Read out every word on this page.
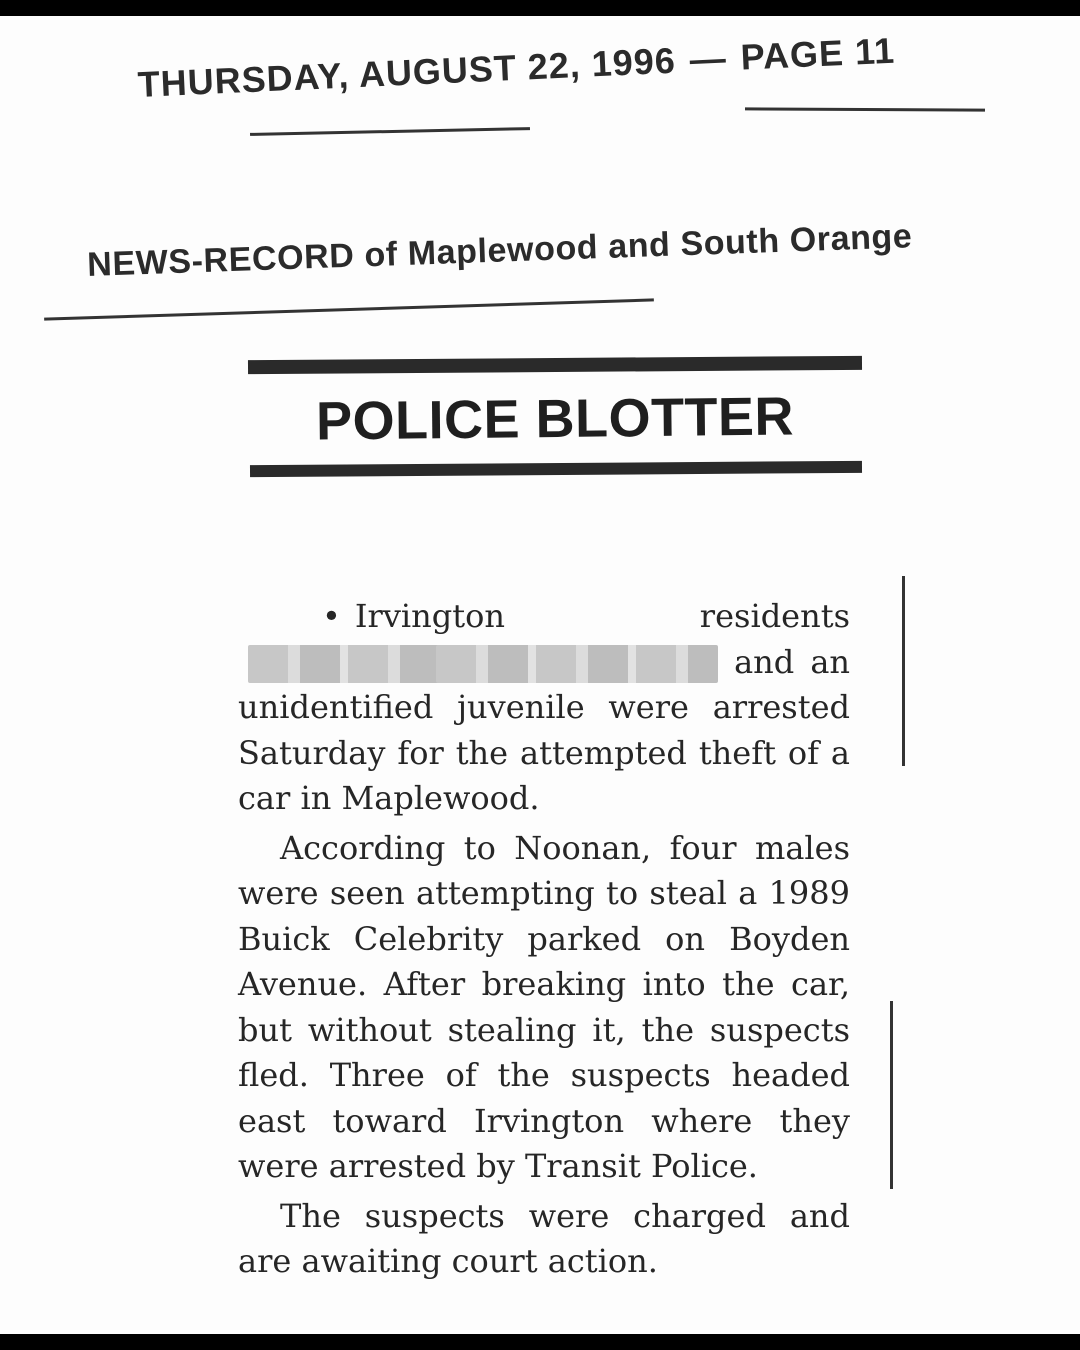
THURSDAY, AUGUST 22, 1996 — PAGE 11
NEWS-RECORD of Maplewood and South Orange
POLICE BLOTTER

• Irvington residents  and an unidentified juvenile were arrested Saturday for the attempted theft of a car in Maplewood.

According to Noonan, four males were seen attempting to steal a 1989 Buick Celebrity parked on Boyden Avenue. After breaking into the car, but without stealing it, the suspects fled. Three of the suspects headed east toward Irvington where they were arrested by Transit Police.

The suspects were charged and are awaiting court action.
